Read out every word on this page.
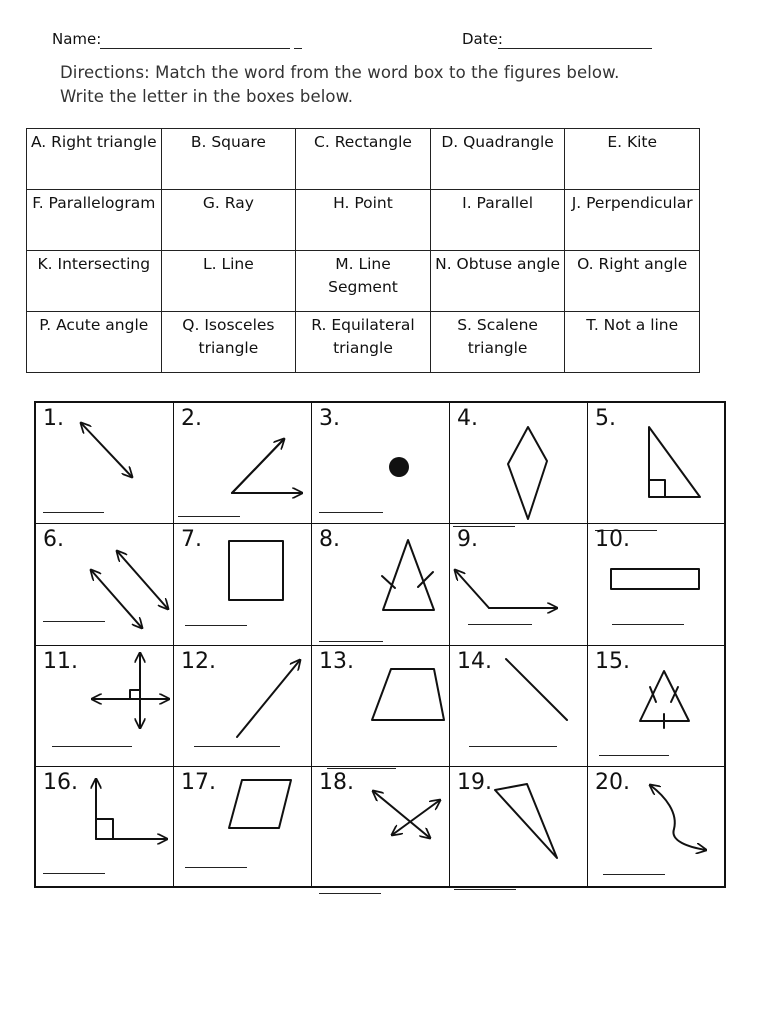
Name:	Date:
Directions: Match the word from the word box to the figures below.
Write the letter in the boxes below.
A. Right triangle	B. Square	C. Rectangle	D. Quadrangle	E. Kite
F. Parallelogram	G. Ray	H. Point	I. Parallel	J. Perpendicular
K. Intersecting	L. Line	M. Line Segment	N. Obtuse angle	O. Right angle
P. Acute angle	Q. Isosceles triangle	R. Equilateral triangle	S. Scalene triangle	T. Not a line
1.	2.	3.	4.	5.
6.	7.	8.	9.	10.
11.	12.	13.	14.	15.
16.	17.	18.	19.	20.
